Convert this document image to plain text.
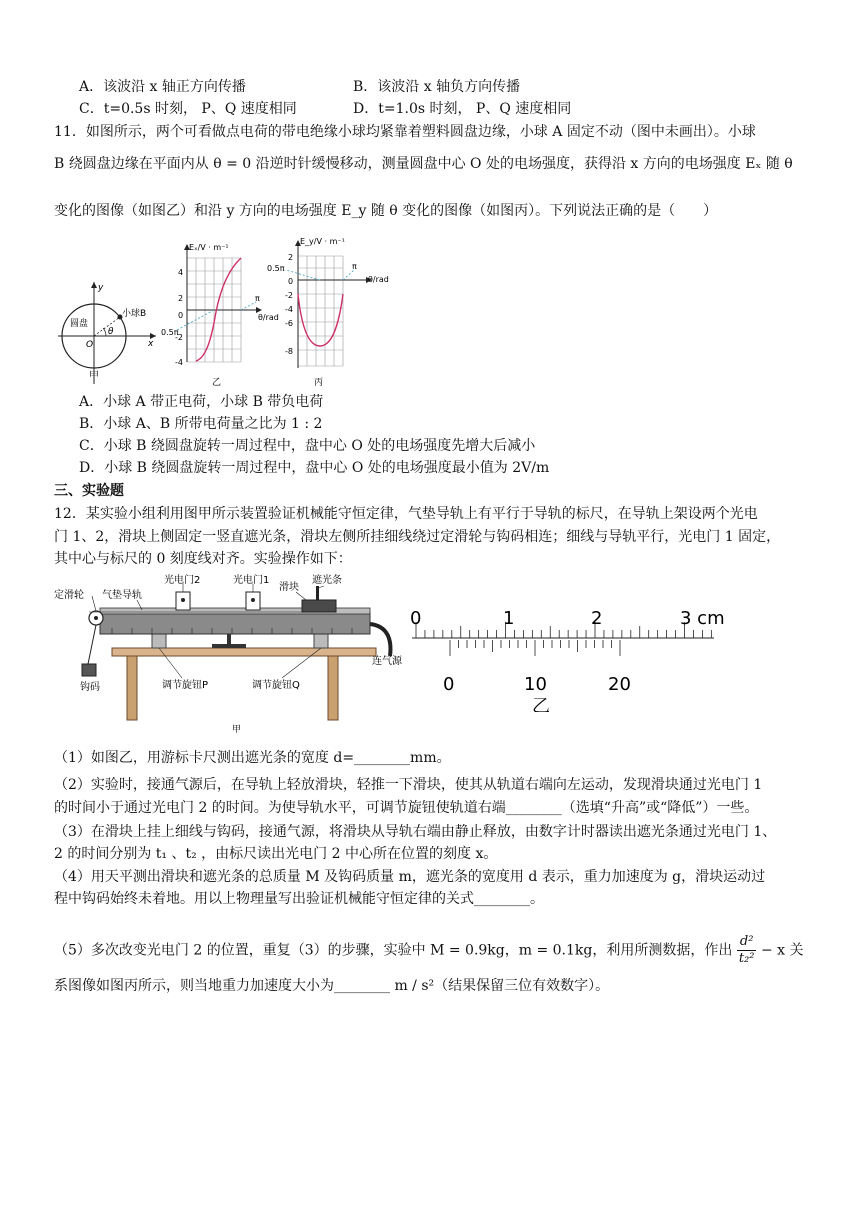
A．该波沿 x 轴正方向传播	B．该波沿 x 轴负方向传播
C．t=0.5s 时刻， P、Q 速度相同	D．t=1.0s 时刻， P、Q 速度相同
11．如图所示，两个可看做点电荷的带电绝缘小球均紧靠着塑料圆盘边缘，小球 A 固定不动（图中未画出）。小球
B 绕圆盘边缘在平面内从 θ = 0 沿逆时针缓慢移动，测量圆盘中心 O 处的电场强度，获得沿 x 方向的电场强度 Eₓ 随 θ
变化的图像（如图乙）和沿 y 方向的电场强度 E_y 随 θ 变化的图像（如图丙）。下列说法正确的是（　　）
圆盘
小球B
θ
x
y
O
甲
Eₓ/V · m⁻¹
θ/rad
π
0.5π
4
2
0
-2
-4
乙
E_y/V · m⁻¹
θ/rad
π
0.5π
2
0
-2
-4
-6
-8
丙
A．小球 A 带正电荷，小球 B 带负电荷
B．小球 A、B 所带电荷量之比为 1 : 2
C．小球 B 绕圆盘旋转一周过程中，盘中心 O 处的电场强度先增大后减小
D．小球 B 绕圆盘旋转一周过程中，盘中心 O 处的电场强度最小值为 2V/m
三、实验题
12．某实验小组利用图甲所示装置验证机械能守恒定律，气垫导轨上有平行于导轨的标尺，在导轨上架设两个光电
门 1、2，滑块上侧固定一竖直遮光条，滑块左侧所挂细线绕过定滑轮与钩码相连；细线与导轨平行，光电门 1 固定，
其中心与标尺的 0 刻度线对齐。实验操作如下：
定滑轮 气垫导轨
光电门2	光电门1
滑块
遮光条
连气源
钩码	调节旋钮P	调节旋钮Q
甲
0	1	2	3 cm
0	10	20
乙
（1）如图乙，用游标卡尺测出遮光条的宽度 d=________mm。
（2）实验时，接通气源后，在导轨上轻放滑块，轻推一下滑块，使其从轨道右端向左运动，发现滑块通过光电门 1
的时间小于通过光电门 2 的时间。为使导轨水平，可调节旋钮使轨道右端________（选填“升高”或“降低”）一些。
（3）在滑块上挂上细线与钩码，接通气源，将滑块从导轨右端由静止释放，由数字计时器读出遮光条通过光电门 1、
2 的时间分别为 t₁ 、t₂ ，由标尺读出光电门 2 中心所在位置的刻度 x。
（4）用天平测出滑块和遮光条的总质量 M 及钩码质量 m，遮光条的宽度用 d 表示，重力加速度为 g，滑块运动过
程中钩码始终未着地。用以上物理量写出验证机械能守恒定律的关式________。
（5）多次改变光电门 2 的位置，重复（3）的步骤，实验中 M = 0.9kg，m = 0.1kg，利用所测数据，作出 $\frac{\text{d²}}{\text{t₂²}} - x$ 关
系图像如图丙所示，则当地重力加速度大小为________ m / s²（结果保留三位有效数字）。
